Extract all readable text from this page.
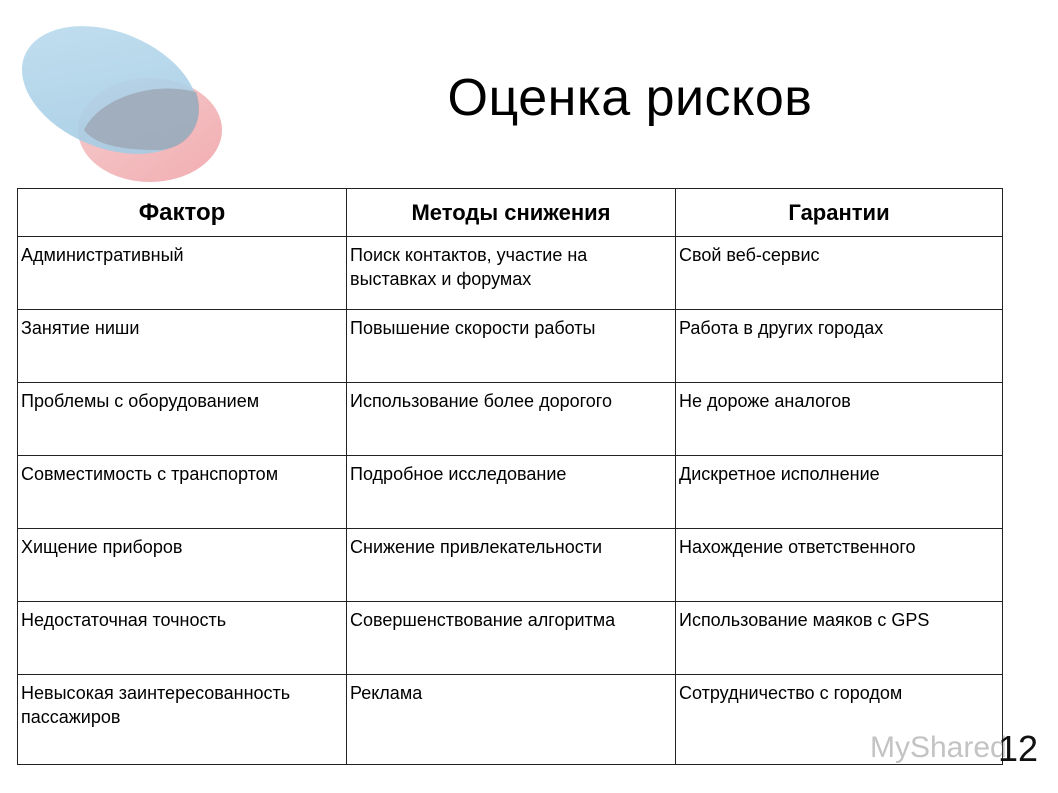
Оценка рисков
Фактор	Методы снижения	Гарантии
Административный	Поиск контактов, участие на выставках и форумах	Свой веб-сервис
Занятие ниши	Повышение скорости работы	Работа в других городах
Проблемы с оборудованием	Использование более дорогого	Не дороже аналогов
Совместимость с транспортом	Подробное исследование	Дискретное исполнение
Хищение приборов	Снижение привлекательности	Нахождение ответственного
Недостаточная точность	Совершенствование алгоритма	Использование маяков с GPS
Невысокая заинтересованность пассажиров	Реклама	Сотрудничество с городом
MyShared
12
